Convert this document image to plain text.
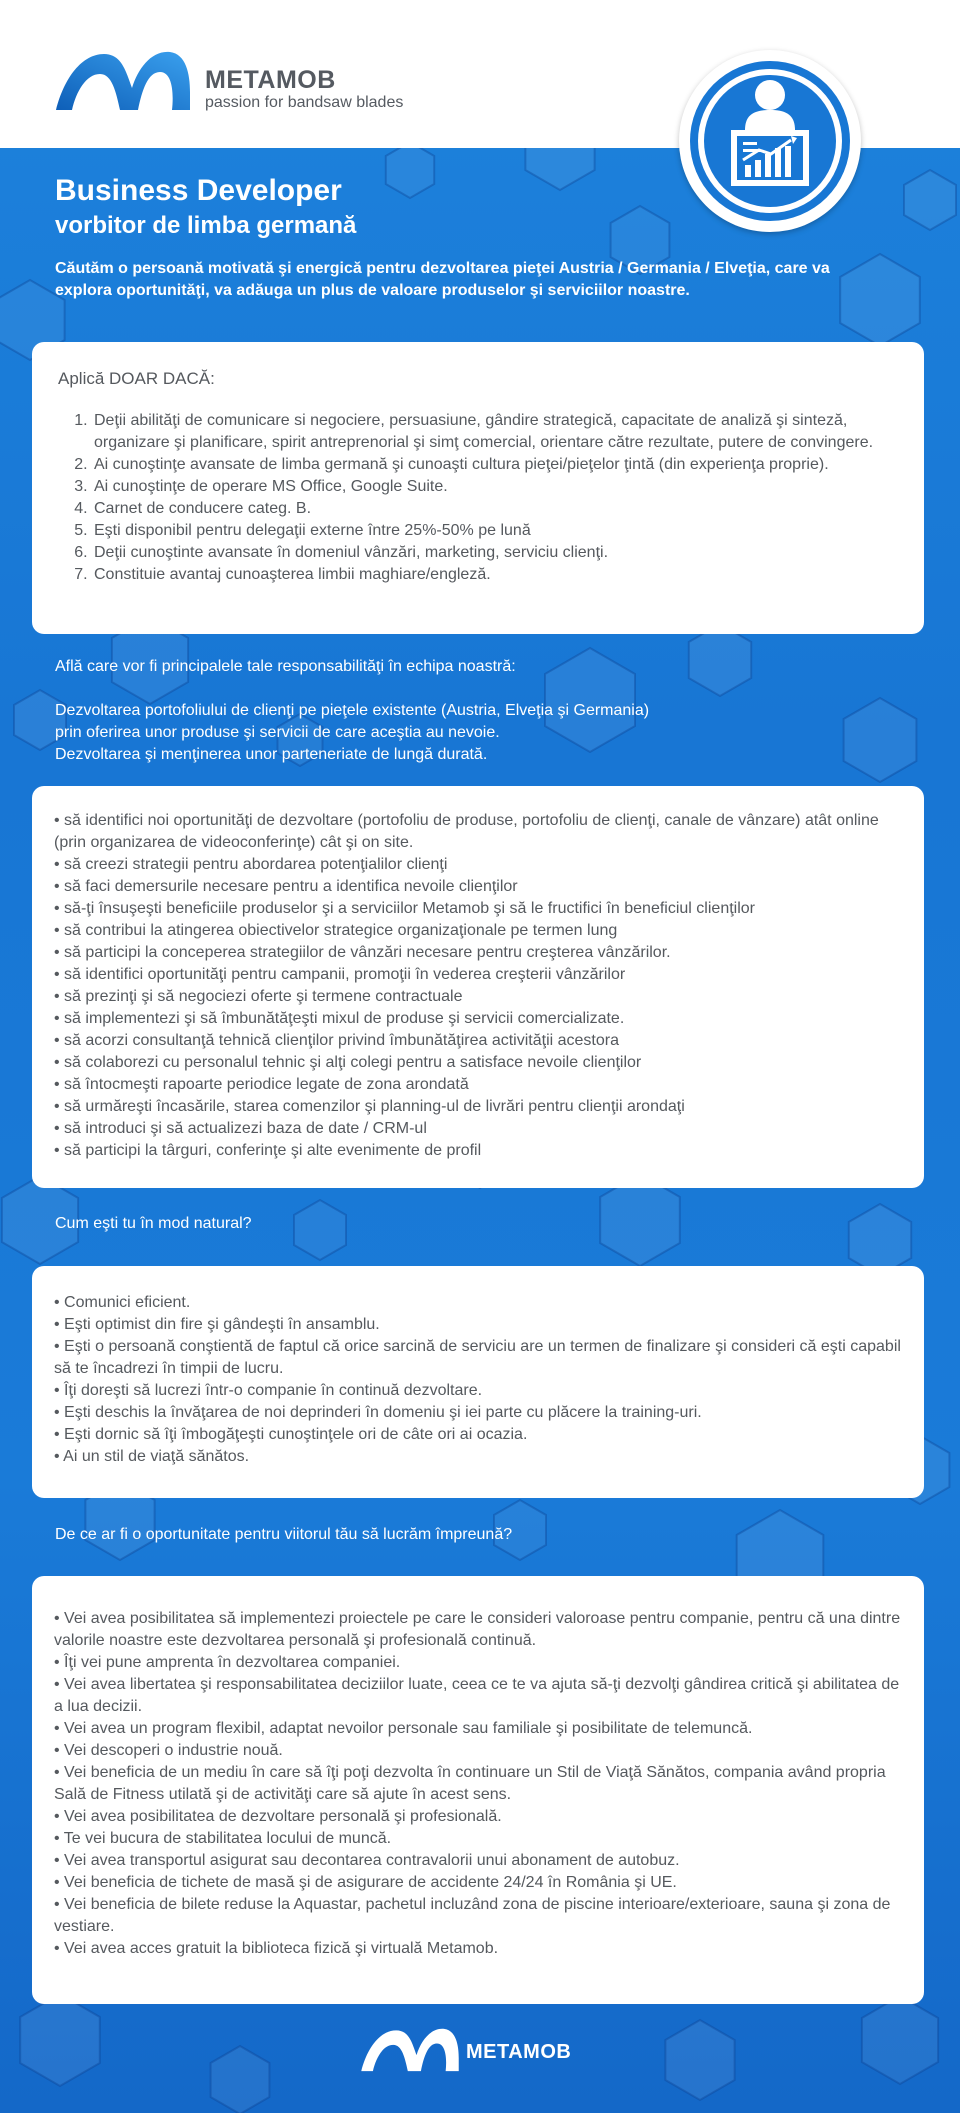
METAMOB

passion for bandsaw blades

Business Developer
vorbitor de limba germană

Căutăm o persoană motivată şi energică pentru dezvoltarea pieţei Austria / Germania / Elveţia, care va explora oportunităţi, va adăuga un plus de valoare produselor şi serviciilor noastre.

Aplică DOAR DACĂ:

1. Deţii abilităţi de comunicare si negociere, persuasiune, gândire strategică, capacitate de analiză şi sinteză, organizare şi planificare, spirit antreprenorial şi simţ comercial, orientare către rezultate, putere de convingere.
2. Ai cunoştinţe avansate de limba germană şi cunoaşti cultura pieţei/pieţelor ţintă (din experienţa proprie).
3. Ai cunoştinţe de operare MS Office, Google Suite.
4. Carnet de conducere categ. B.
5. Eşti disponibil pentru delegaţii externe între 25%-50% pe lună
6. Deţii cunoştinte avansate în domeniul vânzări, marketing, serviciu clienţi.
7. Constituie avantaj cunoaşterea limbii maghiare/engleză.

Află care vor fi principalele tale responsabilităţi în echipa noastră:

Dezvoltarea portofoliului de clienţi pe pieţele existente (Austria, Elveţia şi Germania)
prin oferirea unor produse şi servicii de care aceştia au nevoie.
Dezvoltarea şi menţinerea unor parteneriate de lungă durată.

• să identifici noi oportunităţi de dezvoltare (portofoliu de produse, portofoliu de clienţi, canale de vânzare) atât online (prin organizarea de videoconferinţe) cât şi on site.
• să creezi strategii pentru abordarea potenţialilor clienţi
• să faci demersurile necesare pentru a identifica nevoile clienţilor
• să-ţi însuşeşti beneficiile produselor şi a serviciilor Metamob şi să le fructifici în beneficiul clienţilor
• să contribui la atingerea obiectivelor strategice organizaţionale pe termen lung
• să participi la conceperea strategiilor de vânzări necesare pentru creşterea vânzărilor.
• să identifici oportunităţi pentru campanii, promoţii în vederea creşterii vânzărilor
• să prezinţi şi să negociezi oferte şi termene contractuale
• să implementezi şi să îmbunătăţeşti mixul de produse şi servicii comercializate.
• să acorzi consultanţă tehnică clienţilor privind îmbunătăţirea activităţii acestora
• să colaborezi cu personalul tehnic şi alţi colegi pentru a satisface nevoile clienţilor
• să întocmeşti rapoarte periodice legate de zona arondată
• să urmăreşti încasările, starea comenzilor şi planning-ul de livrări pentru clienţii arondaţi
• să introduci şi să actualizezi baza de date / CRM-ul
• să participi la târguri, conferinţe şi alte evenimente de profil

Cum eşti tu în mod natural?

• Comunici eficient.
• Eşti optimist din fire şi gândeşti în ansamblu.
• Eşti o persoană conştientă de faptul că orice sarcină de serviciu are un termen de finalizare şi consideri că eşti capabil să te încadrezi în timpii de lucru.
• Îţi doreşti să lucrezi într-o companie în continuă dezvoltare.
• Eşti deschis la învăţarea de noi deprinderi în domeniu şi iei parte cu plăcere la training-uri.
• Eşti dornic să îţi îmbogăţeşti cunoştinţele ori de câte ori ai ocazia.
• Ai un stil de viaţă sănătos.

De ce ar fi o oportunitate pentru viitorul tău să lucrăm împreună?

• Vei avea posibilitatea să implementezi proiectele pe care le consideri valoroase pentru companie, pentru că una dintre valorile noastre este dezvoltarea personală şi profesională continuă.
• Îţi vei pune amprenta în dezvoltarea companiei.
• Vei avea libertatea şi responsabilitatea deciziilor luate, ceea ce te va ajuta să-ţi dezvolţi gândirea critică şi abilitatea de a lua decizii.
• Vei avea un program flexibil, adaptat nevoilor personale sau familiale şi posibilitate de telemuncă.
• Vei descoperi o industrie nouă.
• Vei beneficia de un mediu în care să îţi poţi dezvolta în continuare un Stil de Viaţă Sănătos, compania având propria Sală de Fitness utilată şi de activităţi care să ajute în acest sens.
• Vei avea posibilitatea de dezvoltare personală şi profesională.
• Te vei bucura de stabilitatea locului de muncă.
• Vei avea transportul asigurat sau decontarea contravalorii unui abonament de autobuz.
• Vei beneficia de tichete de masă şi de asigurare de accidente 24/24 în România şi UE.
• Vei beneficia de bilete reduse la Aquastar, pachetul incluzând zona de piscine interioare/exterioare, sauna şi zona de vestiare.
• Vei avea acces gratuit la biblioteca fizică şi virtuală Metamob.

METAMOB
